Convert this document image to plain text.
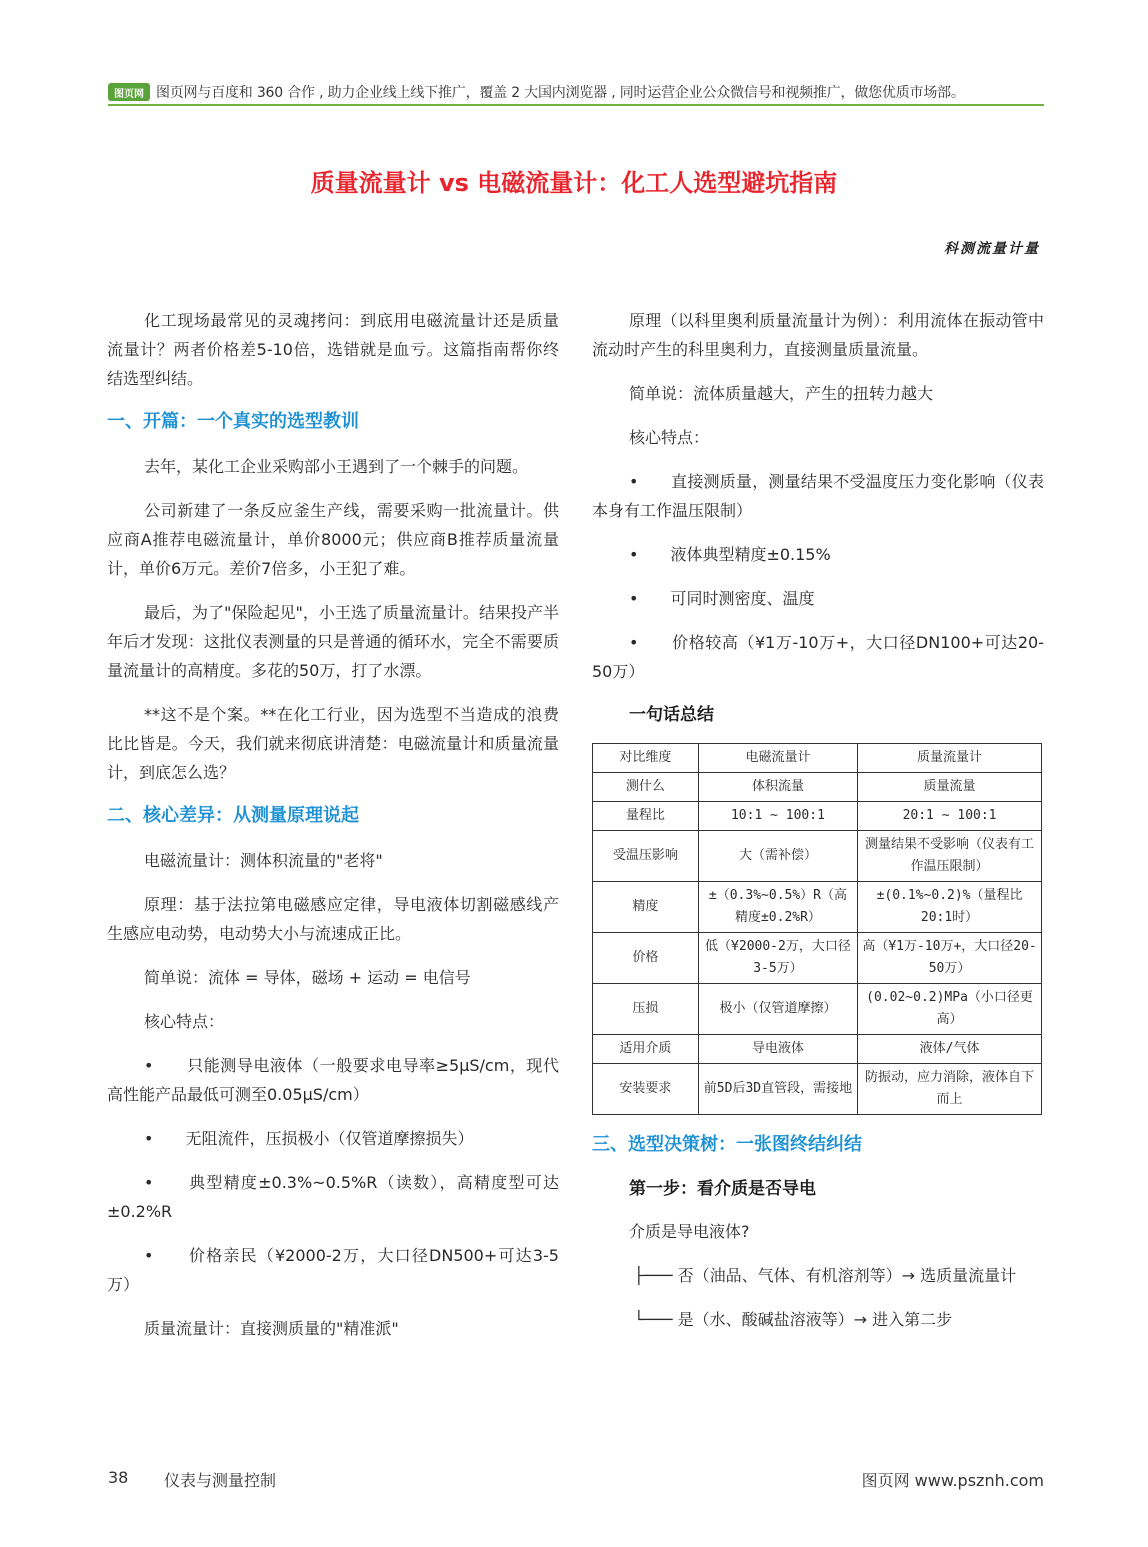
图页网 图页网与百度和 360 合作 , 助力企业线上线下推广，覆盖 2 大国内浏览器 , 同时运营企业公众微信号和视频推广，做您优质市场部。
质量流量计 vs 电磁流量计：化工人选型避坑指南
科测流量计量

化工现场最常见的灵魂拷问：到底用电磁流量计还是质量流量计？两者价格差5-10倍，选错就是血亏。这篇指南帮你终结选型纠结。

一、开篇：一个真实的选型教训

去年，某化工企业采购部小王遇到了一个棘手的问题。

公司新建了一条反应釜生产线，需要采购一批流量计。供应商A推荐电磁流量计，单价8000元；供应商B推荐质量流量计，单价6万元。差价7倍多，小王犯了难。

最后，为了"保险起见"，小王选了质量流量计。结果投产半年后才发现：这批仪表测量的只是普通的循环水，完全不需要质量流量计的高精度。多花的50万，打了水漂。

**这不是个案。**在化工行业，因为选型不当造成的浪费比比皆是。今天，我们就来彻底讲清楚：电磁流量计和质量流量计，到底怎么选？

二、核心差异：从测量原理说起

电磁流量计：测体积流量的"老将"

原理：基于法拉第电磁感应定律，导电液体切割磁感线产生感应电动势，电动势大小与流速成正比。

简单说：流体 = 导体，磁场 + 运动 = 电信号

核心特点：

•　　只能测导电液体（一般要求电导率≥5μS/cm，现代高性能产品最低可测至0.05μS/cm）

•　　无阻流件，压损极小（仅管道摩擦损失）

•　　典型精度±0.3%~0.5%R（读数），高精度型可达±0.2%R

•　　价格亲民（¥2000-2万，大口径DN500+可达3-5万）

质量流量计：直接测质量的"精准派"

原理（以科里奥利质量流量计为例）：利用流体在振动管中流动时产生的科里奥利力，直接测量质量流量。

简单说：流体质量越大，产生的扭转力越大

核心特点：

•　　直接测质量，测量结果不受温度压力变化影响（仪表本身有工作温压限制）

•　　液体典型精度±0.15%

•　　可同时测密度、温度

•　　价格较高（¥1万-10万+，大口径DN100+可达20-50万）

一句话总结
对比维度	电磁流量计	质量流量计
测什么	体积流量	质量流量
量程比	10:1 ~ 100:1	20:1 ~ 100:1
受温压影响	大（需补偿）	测量结果不受影响（仪表有工作温压限制）
精度	±（0.3%~0.5%）R（高精度±0.2%R）	±(0.1%~0.2)%（量程比20:1时）
价格	低（¥2000-2万，大口径3-5万）	高（¥1万-10万+，大口径20-50万）
压损	极小（仅管道摩擦）	(0.02~0.2)MPa（小口径更高）
适用介质	导电液体	液体/气体
安装要求	前5D后3D直管段，需接地	防振动，应力消除，液体自下而上
三、选型决策树：一张图终结纠结
第一步：看介质是否导电

介质是导电液体?

├─── 否（油品、气体、有机溶剂等）→ 选质量流量计

└─── 是（水、酸碱盐溶液等）→ 进入第二步

38 仪表与测量控制	图页网 www.psznh.com
